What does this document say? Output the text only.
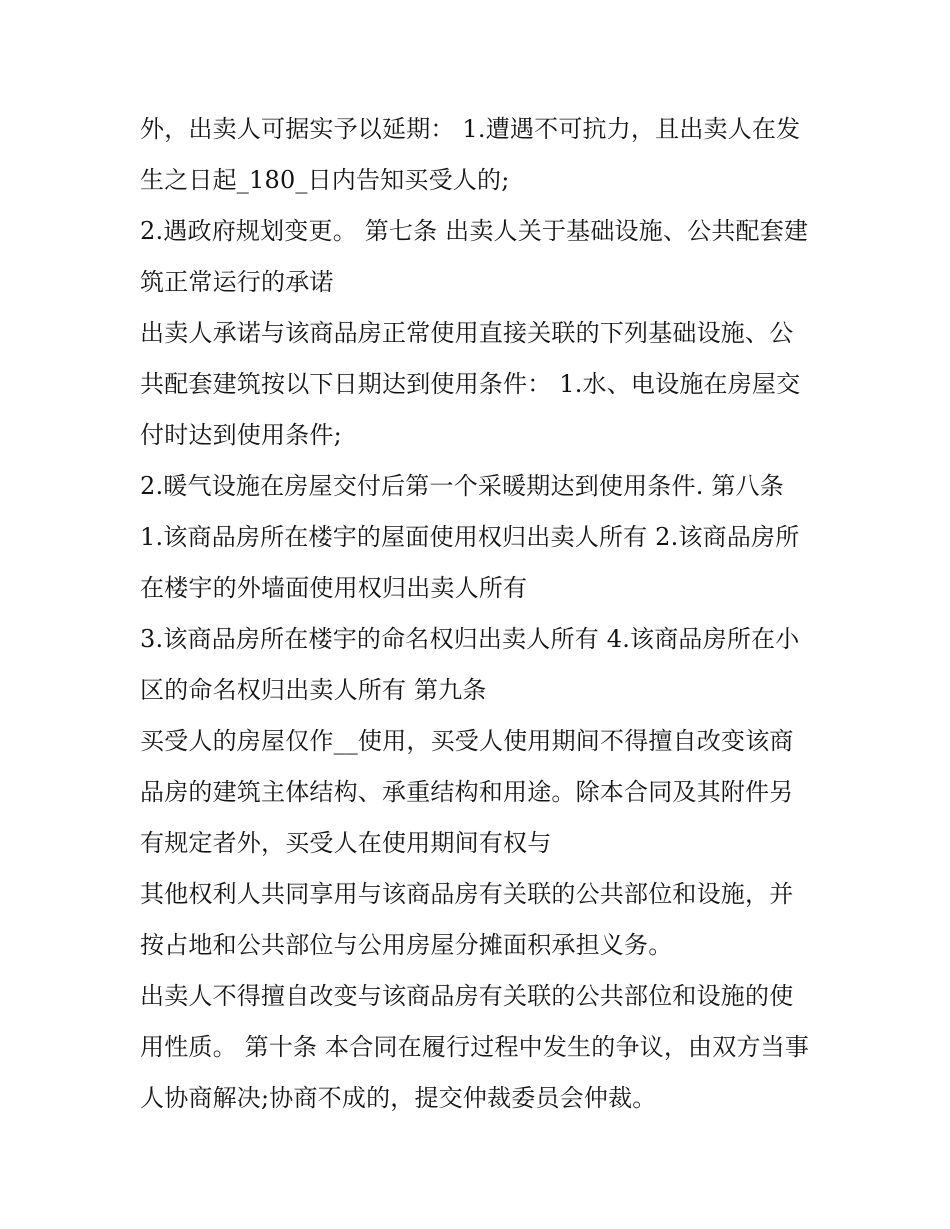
外，出卖人可据实予以延期： 1.遭遇不可抗力，且出卖人在发生之日起_180_日内告知买受人的;

2.遇政府规划变更。 第七条 出卖人关于基础设施、公共配套建筑正常运行的承诺

出卖人承诺与该商品房正常使用直接关联的下列基础设施、公共配套建筑按以下日期达到使用条件： 1.水、电设施在房屋交付时达到使用条件;

2.暖气设施在房屋交付后第一个采暖期达到使用条件. 第八条 1.该商品房所在楼宇的屋面使用权归出卖人所有 2.该商品房所在楼宇的外墙面使用权归出卖人所有

3.该商品房所在楼宇的命名权归出卖人所有 4.该商品房所在小区的命名权归出卖人所有 第九条

买受人的房屋仅作__使用，买受人使用期间不得擅自改变该商品房的建筑主体结构、承重结构和用途。除本合同及其附件另有规定者外，买受人在使用期间有权与

其他权利人共同享用与该商品房有关联的公共部位和设施，并按占地和公共部位与公用房屋分摊面积承担义务。

出卖人不得擅自改变与该商品房有关联的公共部位和设施的使用性质。 第十条 本合同在履行过程中发生的争议，由双方当事人协商解决;协商不成的，提交仲裁委员会仲裁。
